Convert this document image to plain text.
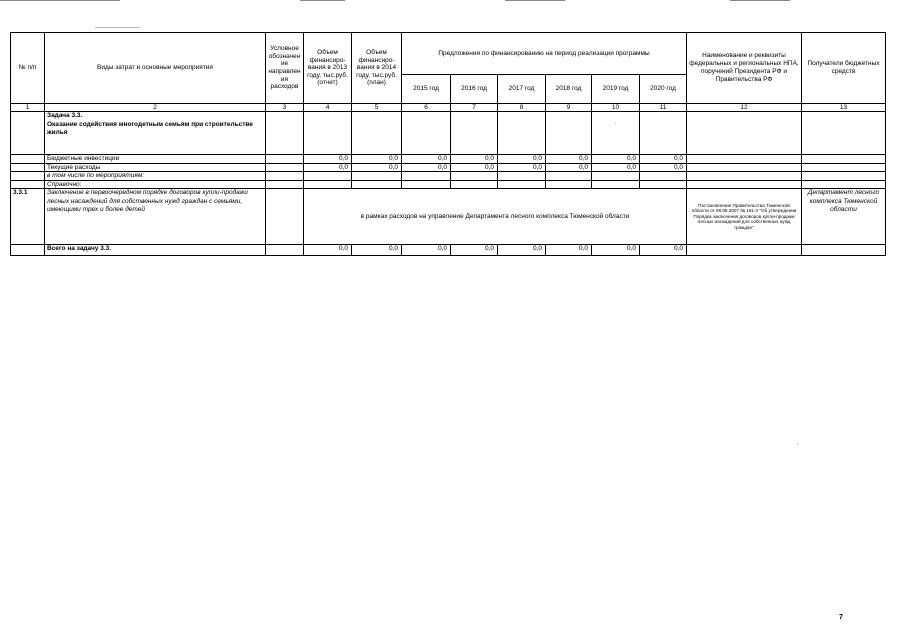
№ п/п	Виды затрат и основные мероприятия	Условное обозначен ие направлен ия расходов	Объем финансиро- вания в 2013 году, тыс.руб. (отчет)	Объем финансиро- вания в 2014 году, тыс.руб. (план)	Предложения по финансированию на период реализации программы						Наименование и реквизиты федеральных и региональных НПА, поручений Президента РФ и Правительства РФ	Получатели бюджетных средств
					2015 год	2016 год	2017 год	2018 год	2019 год	2020 год		
1	2	3	4	5	6	7	8	9	10	11	12	13
	Задача 3.3.
Оказание содействия многодетным семьям при строительстве жилья											
	Бюджетные инвестиции		0,0	0,0	0,0	0,0	0,0	0,0	0,0	0,0		
	Текущие расходы		0,0	0,0	0,0	0,0	0,0	0,0	0,0	0,0		
	в том числе по мероприятиям:											
	Справочно:											
3.3.1	Заключение в первоочередном порядке договоров купли-продажи лесных насаждений для собственных нужд граждан с семьями, имеющими трех и более детей		в рамках расходов на управление Департамента лесного комплекса Тюменской области								Постановление Правительства Тюменской области от 08.08.2007 № 181-п "Об утверждении Порядка заключения договоров купли-продажи лесных насаждений для собственных нужд граждан"	Департамент лесного комплекса Тюменской области
	Всего на задачу 3.3.		0,0	0,0	0,0	0,0	0,0	0,0	0,0	0,0		
7
